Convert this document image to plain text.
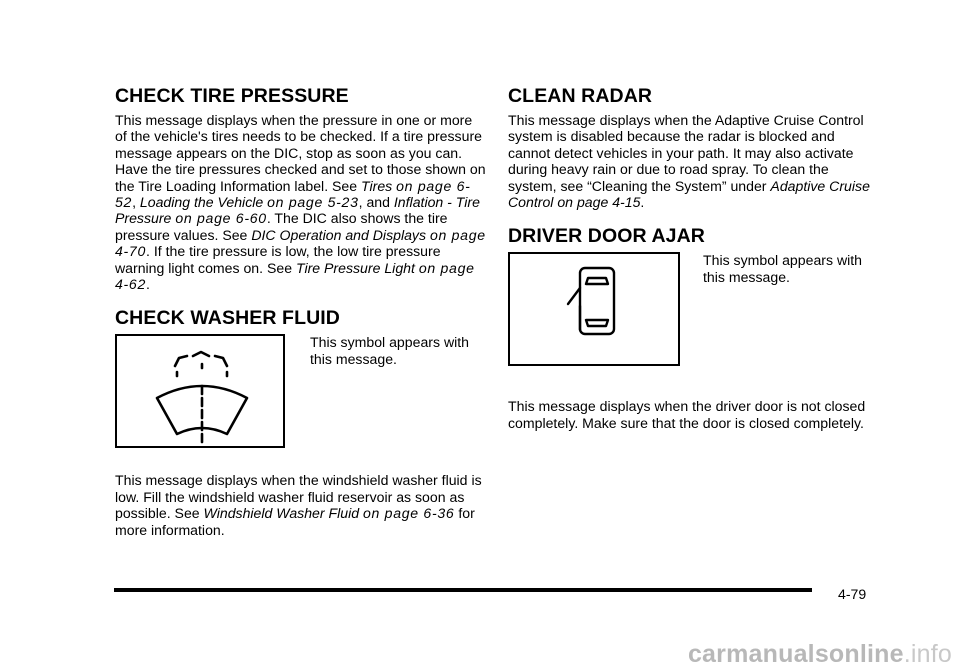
CHECK TIRE PRESSURE

This message displays when the pressure in one or more of the vehicle's tires needs to be checked. If a tire pressure message appears on the DIC, stop as soon as you can. Have the tire pressures checked and set to those shown on the Tire Loading Information label. See Tires on page 6-52, Loading the Vehicle on page 5-23, and Inflation - Tire Pressure on page 6-60. The DIC also shows the tire pressure values. See DIC Operation and Displays on page 4-70. If the tire pressure is low, the low tire pressure warning light comes on. See Tire Pressure Light on page 4-62.

CHECK WASHER FLUID

This symbol appears with this message.

This message displays when the windshield washer fluid is low. Fill the windshield washer fluid reservoir as soon as possible. See Windshield Washer Fluid on page 6-36 for more information.

CLEAN RADAR

This message displays when the Adaptive Cruise Control system is disabled because the radar is blocked and cannot detect vehicles in your path. It may also activate during heavy rain or due to road spray. To clean the system, see “Cleaning the System” under Adaptive Cruise Control on page 4-15.

DRIVER DOOR AJAR

This symbol appears with this message.

This message displays when the driver door is not closed completely. Make sure that the door is closed completely.

4-79
carmanualsonline.info
